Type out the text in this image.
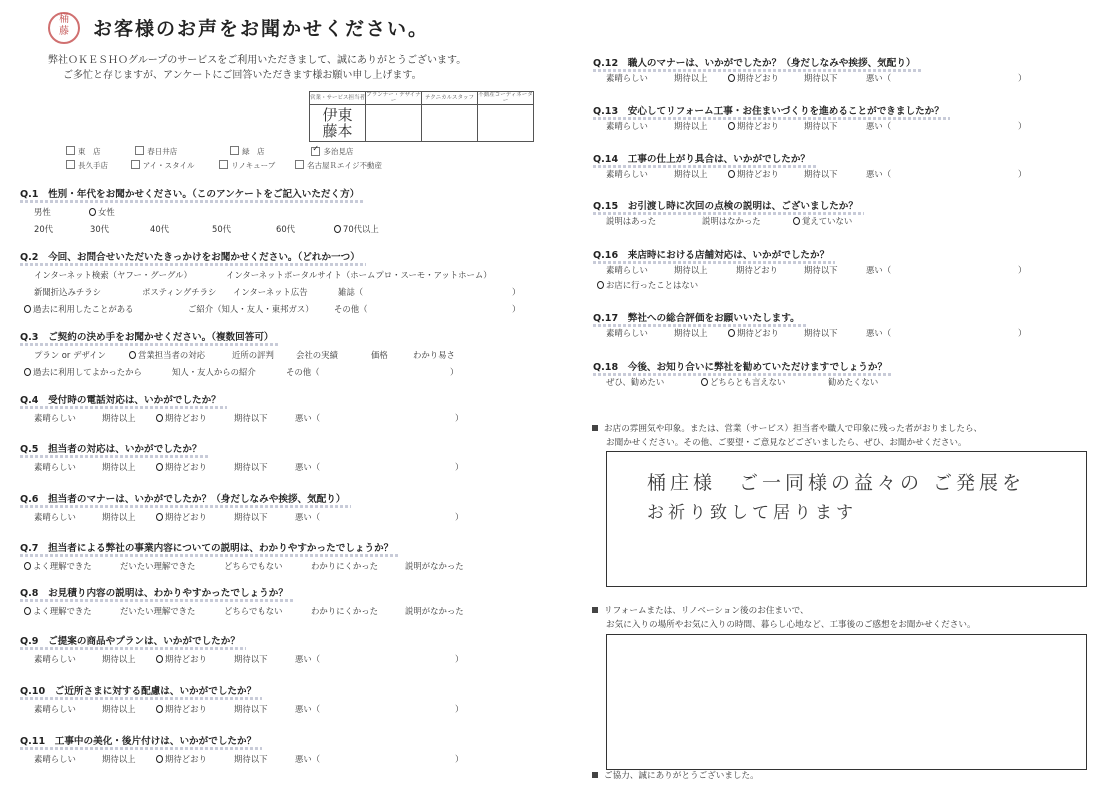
桶
藤	お客様のお声をお聞かせください。
弊社ＯＫＥＳＨＯグループのサービスをご利用いただきまして、誠にありがとうございます。
ご多忙と存じますが、アンケートにご回答いただきます様お願い申し上げます。
営業・サービス担当者	プランナー・デザイナー	テクニカルスタッフ	不動産コーディネーター

伊東
藤本			

東　店	春日井店	緑　店 ✓	多治見店
長久手店	アイ・スタイル	リノキューブ	名古屋Ｒエイジ不動産
Q.1　性別・年代をお聞かせください。（このアンケートをご記入いただく方）
男性	女性
20代	30代	40代	50代	60代	70代以上
Q.2　今回、お問合せいただいたきっかけをお聞かせください。（どれか一つ）
インターネット検索（ヤフー・グーグル）	インターネットポータルサイト（ホームプロ・スーモ・アットホーム）
新聞折込みチラシ	ポスティングチラシ インターネット広告	雑誌（	）
過去に利用したことがある	ご紹介（知人・友人・東邦ガス） その他（	）
Q.3　ご契約の決め手をお聞かせください。（複数回答可）
プラン or デザイン	営業担当者の対応	近所の評判	会社の実績	価格	わかり易さ
過去に利用してよかったから	知人・友人からの紹介	その他（	）
Q.4　受付時の電話対応は、いかがでしたか？
素晴らしい	期待以上	期待どおり	期待以下	悪い（	）
Q.5　担当者の対応は、いかがでしたか？
素晴らしい	期待以上	期待どおり	期待以下	悪い（	）
Q.6　担当者のマナーは、いかがでしたか？（身だしなみや挨拶、気配り）
素晴らしい	期待以上	期待どおり	期待以下	悪い（	）
Q.7　担当者による弊社の事業内容についての説明は、わかりやすかったでしょうか？
よく理解できた	だいたい理解できた	どちらでもない	わかりにくかった	説明がなかった
Q.8　お見積り内容の説明は、わかりやすかったでしょうか？
よく理解できた	だいたい理解できた	どちらでもない	わかりにくかった	説明がなかった
Q.9　ご提案の商品やプランは、いかがでしたか？
素晴らしい	期待以上	期待どおり	期待以下	悪い（	）
Q.10　ご近所さまに対する配慮は、いかがでしたか？
素晴らしい	期待以上	期待どおり	期待以下	悪い（	）
Q.11　工事中の美化・後片付けは、いかがでしたか？
素晴らしい	期待以上	期待どおり	期待以下	悪い（	）
Q.12　職人のマナーは、いかがでしたか？（身だしなみや挨拶、気配り）
素晴らしい	期待以上	期待どおり	期待以下	悪い（	）
Q.13　安心してリフォーム工事・お住まいづくりを進めることができましたか？
素晴らしい	期待以上	期待どおり	期待以下	悪い（	）
Q.14　工事の仕上がり具合は、いかがでしたか？
素晴らしい	期待以上	期待どおり	期待以下	悪い（	）
Q.15　お引渡し時に次回の点検の説明は、ございましたか？
説明はあった	説明はなかった	覚えていない
Q.16　来店時における店舗対応は、いかがでしたか？
素晴らしい	期待以上	期待どおり	期待以下	悪い（	）
お店に行ったことはない
Q.17　弊社への総合評価をお願いいたします。
素晴らしい	期待以上	期待どおり	期待以下	悪い（	）
Q.18　今後、お知り合いに弊社を勧めていただけますでしょうか？
ぜひ、勧めたい	どちらとも言えない	勧めたくない
お店の雰囲気や印象。または、営業（サービス）担当者や職人で印象に残った者がおりましたら、
お聞かせください。その他、ご要望・ご意見などございましたら、ぜひ、お聞かせください。
桶庄様　ご一同様の益々の ご発展を
お祈り致して居ります
リフォームまたは、リノベーション後のお住まいで、
お気に入りの場所やお気に入りの時間、暮らし心地など、工事後のご感想をお聞かせください。
ご協力、誠にありがとうございました。
